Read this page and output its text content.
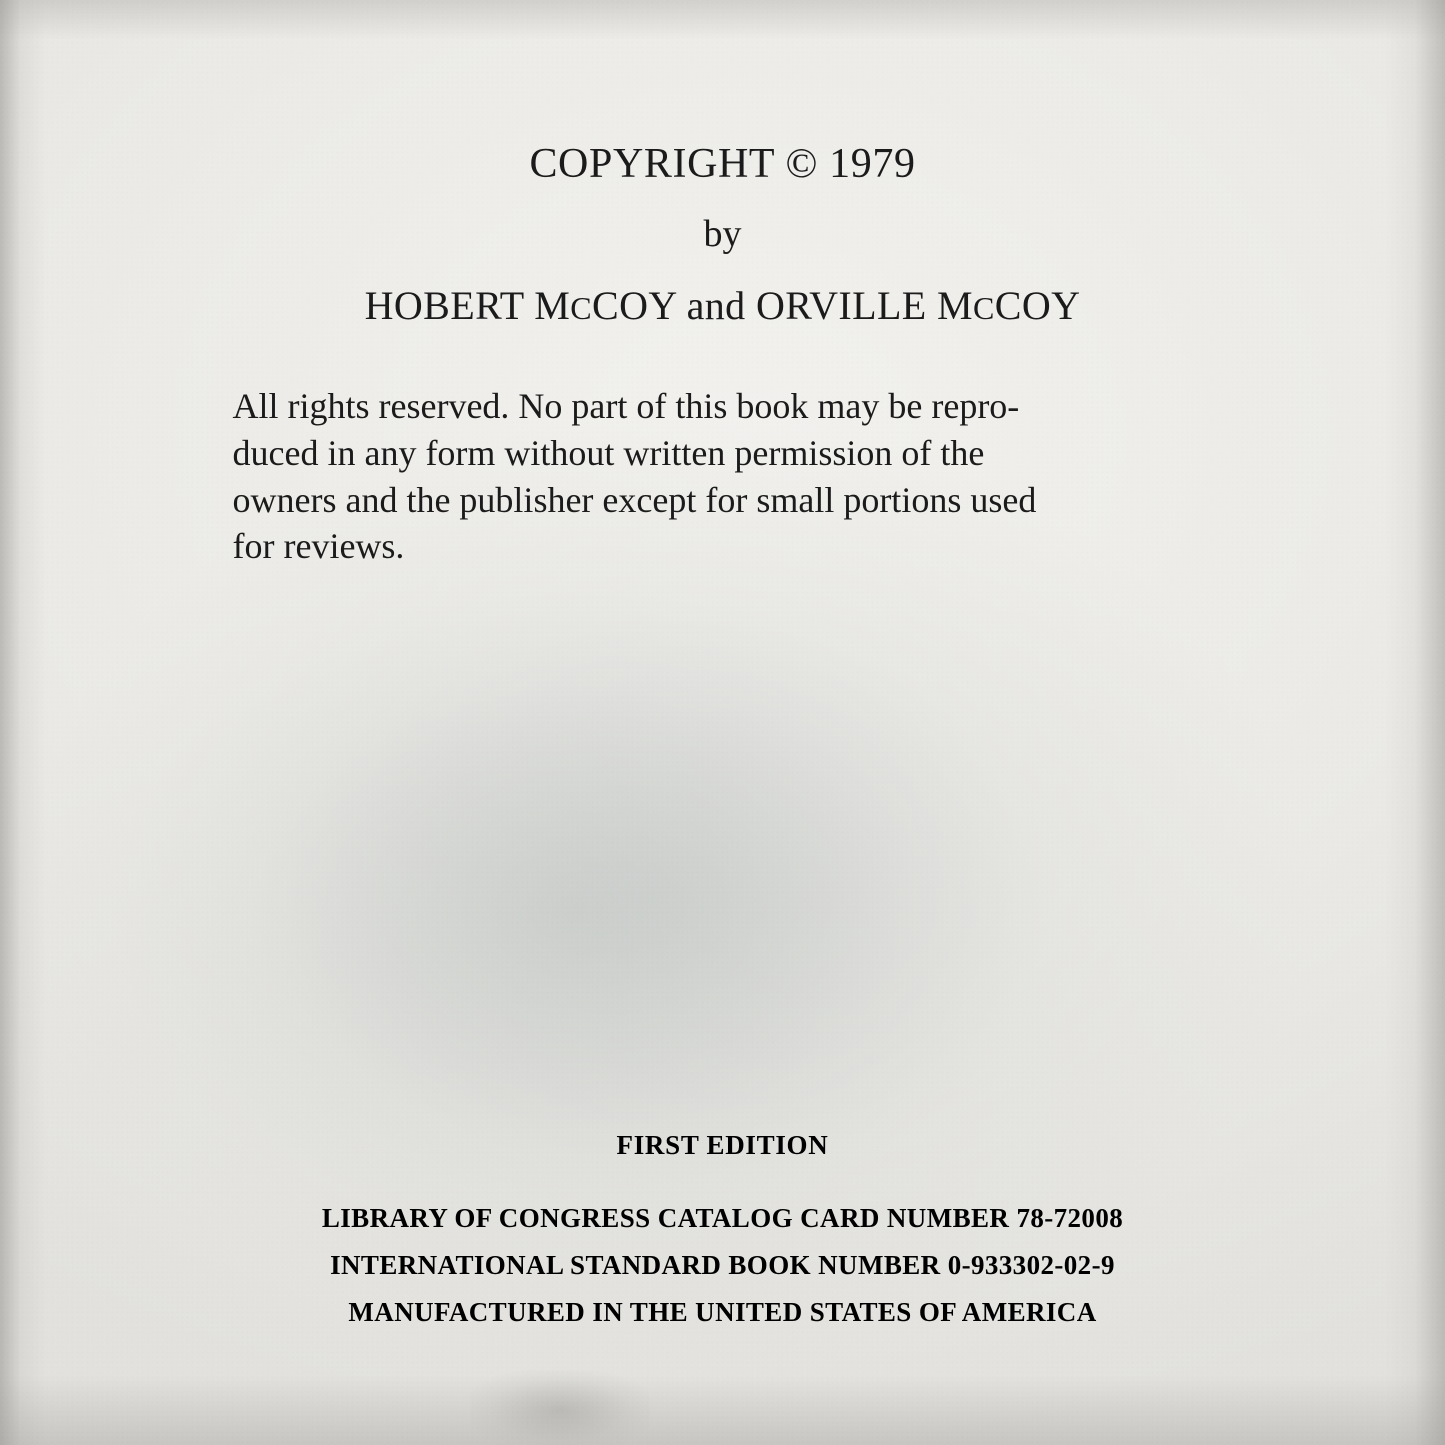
COPYRIGHT © 1979
by
HOBERT MCCOY and ORVILLE MCCOY
All rights reserved. No part of this book may be repro-
duced in any form without written permission of the
owners and the publisher except for small portions used
for reviews.
FIRST EDITION
LIBRARY OF CONGRESS CATALOG CARD NUMBER 78-72008
INTERNATIONAL STANDARD BOOK NUMBER 0-933302-02-9
MANUFACTURED IN THE UNITED STATES OF AMERICA
